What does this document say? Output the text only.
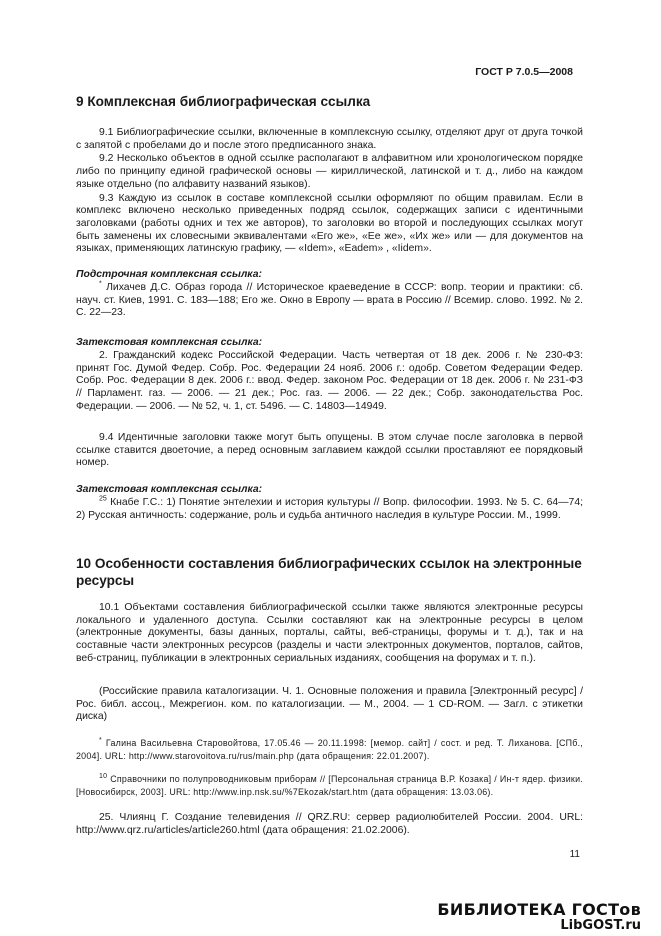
ГОСТ Р 7.0.5—2008
9 Комплексная библиографическая ссылка

9.1 Библиографические ссылки, включенные в комплексную ссылку, отделяют друг от друга точкой с запятой с пробелами до и после этого предписанного знака.

9.2 Несколько объектов в одной ссылке располагают в алфавитном или хронологическом порядке либо по принципу единой графической основы — кириллической, латинской и т. д., либо на каждом языке отдельно (по алфавиту названий языков).

9.3 Каждую из ссылок в составе комплексной ссылки оформляют по общим правилам. Если в комплекс включено несколько приведенных подряд ссылок, содержащих записи с идентичными заголовками (работы одних и тех же авторов), то заголовки во второй и последующих ссылках могут быть заменены их словесными эквивалентами «Его же», «Ее же», «Их же» или — для документов на языках, применяющих латинскую графику, — «Idem», «Eadem» , «Iidem».

Подстрочная комплексная ссылка:

* Лихачев Д.С. Образ города // Историческое краеведение в СССР: вопр. теории и практики: сб. науч. ст. Киев, 1991. С. 183—188; Его же. Окно в Европу — врата в Россию // Всемир. слово. 1992. № 2. С. 22—23.

Затекстовая комплексная ссылка:

2. Гражданский кодекс Российской Федерации. Часть четвертая от 18 дек. 2006 г. № 230-ФЗ: принят Гос. Думой Федер. Собр. Рос. Федерации 24 нояб. 2006 г.: одобр. Советом Федерации Федер. Собр. Рос. Федерации 8 дек. 2006 г.: ввод. Федер. законом Рос. Федерации от 18 дек. 2006 г. № 231-ФЗ // Парламент. газ. — 2006. — 21 дек.; Рос. газ. — 2006. — 22 дек.; Собр. законодательства Рос. Федерации. — 2006. — № 52, ч. 1, ст. 5496. — С. 14803—14949.

9.4 Идентичные заголовки также могут быть опущены. В этом случае после заголовка в первой ссылке ставится двоеточие, а перед основным заглавием каждой ссылки проставляют ее порядковый номер.

Затекстовая комплексная ссылка:

$^{25}$ Кнабе Г.С.: 1) Понятие энтелехии и история культуры // Вопр. философии. 1993. № 5. С. 64—74; 2) Русская античность: содержание, роль и судьба античного наследия в культуре России. М., 1999.

10 Особенности составления библиографических ссылок на электронные ресурсы

10.1 Объектами составления библиографической ссылки также являются электронные ресурсы локального и удаленного доступа. Ссылки составляют как на электронные ресурсы в целом (электронные документы, базы данных, порталы, сайты, веб-страницы, форумы и т. д.), так и на составные части электронных ресурсов (разделы и части электронных документов, порталов, сайтов, веб-страниц, публикации в электронных сериальных изданиях, сообщения на форумах и т. п.).

(Российские правила каталогизации. Ч. 1. Основные положения и правила [Электронный ресурс] / Рос. библ. ассоц., Межрегион. ком. по каталогизации. — М., 2004. — 1 CD-ROM. — Загл. с этикетки диска)

* Галина Васильевна Старовойтова, 17.05.46 — 20.11.1998: [мемор. сайт] / сост. и ред. Т. Лиханова. [СПб., 2004]. URL: http://www.starovoitova.ru/rus/main.php (дата обращения: 22.01.2007).
$^{10}$ Справочники по полупроводниковым приборам // [Персональная страница В.Р. Козака] / Ин-т ядер. физики. [Новосибирск, 2003]. URL: http://www.inp.nsk.su/%7Ekozak/start.htm (дата обращения: 13.03.06).

25. Члиянц Г. Создание телевидения // QRZ.RU: сервер радиолюбителей России. 2004. URL: http://www.qrz.ru/articles/article260.html (дата обращения: 21.02.2006).

11
БИБЛИОТЕКА ГОСТов
LibGOST.ru
